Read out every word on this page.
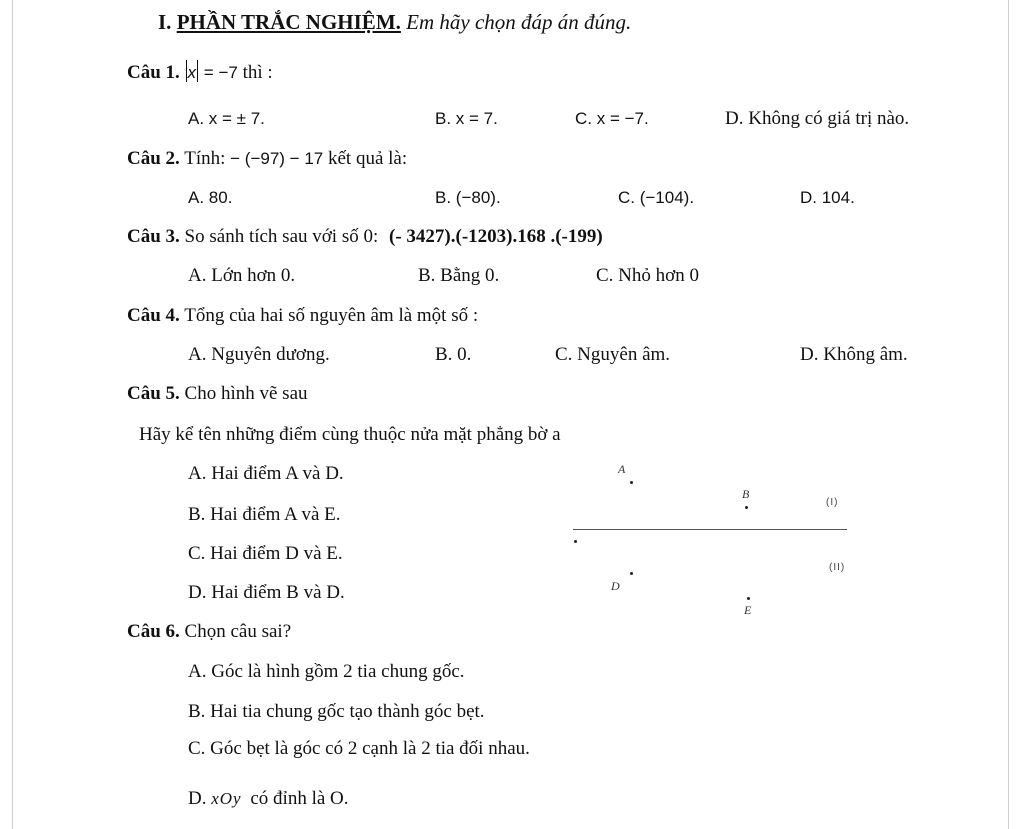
I. PHẦN TRẮC NGHIỆM. Em hãy chọn đáp án đúng.
Câu 1. x = −7 thì :
A. x = ± 7.	B. x = 7.	C. x = −7.	D. Không có giá trị nào.
Câu 2. Tính: − (−97) − 17 kết quả là:
A. 80.	B. (−80).	C. (−104).	D. 104.
Câu 3. So sánh tích sau với số 0: (- 3427).(-1203).168 .(-199)
A. Lớn hơn 0.	B. Bằng 0.	C. Nhỏ hơn 0
Câu 4. Tổng của hai số nguyên âm là một số :
A. Nguyên dương.	B. 0.	C. Nguyên âm.	D. Không âm.
Câu 5. Cho hình vẽ sau
Hãy kể tên những điểm cùng thuộc nửa mặt phẳng bờ a
A. Hai điểm A và D.
B. Hai điểm A và E.
C. Hai điểm D và E.
D. Hai điểm B và D.
A
B
(I)
(II)
D
E
Câu 6. Chọn câu sai?
A. Góc là hình gồm 2 tia chung gốc.
B. Hai tia chung gốc tạo thành góc bẹt.
C. Góc bẹt là góc có 2 cạnh là 2 tia đối nhau.
D. xOy có đỉnh là O.
